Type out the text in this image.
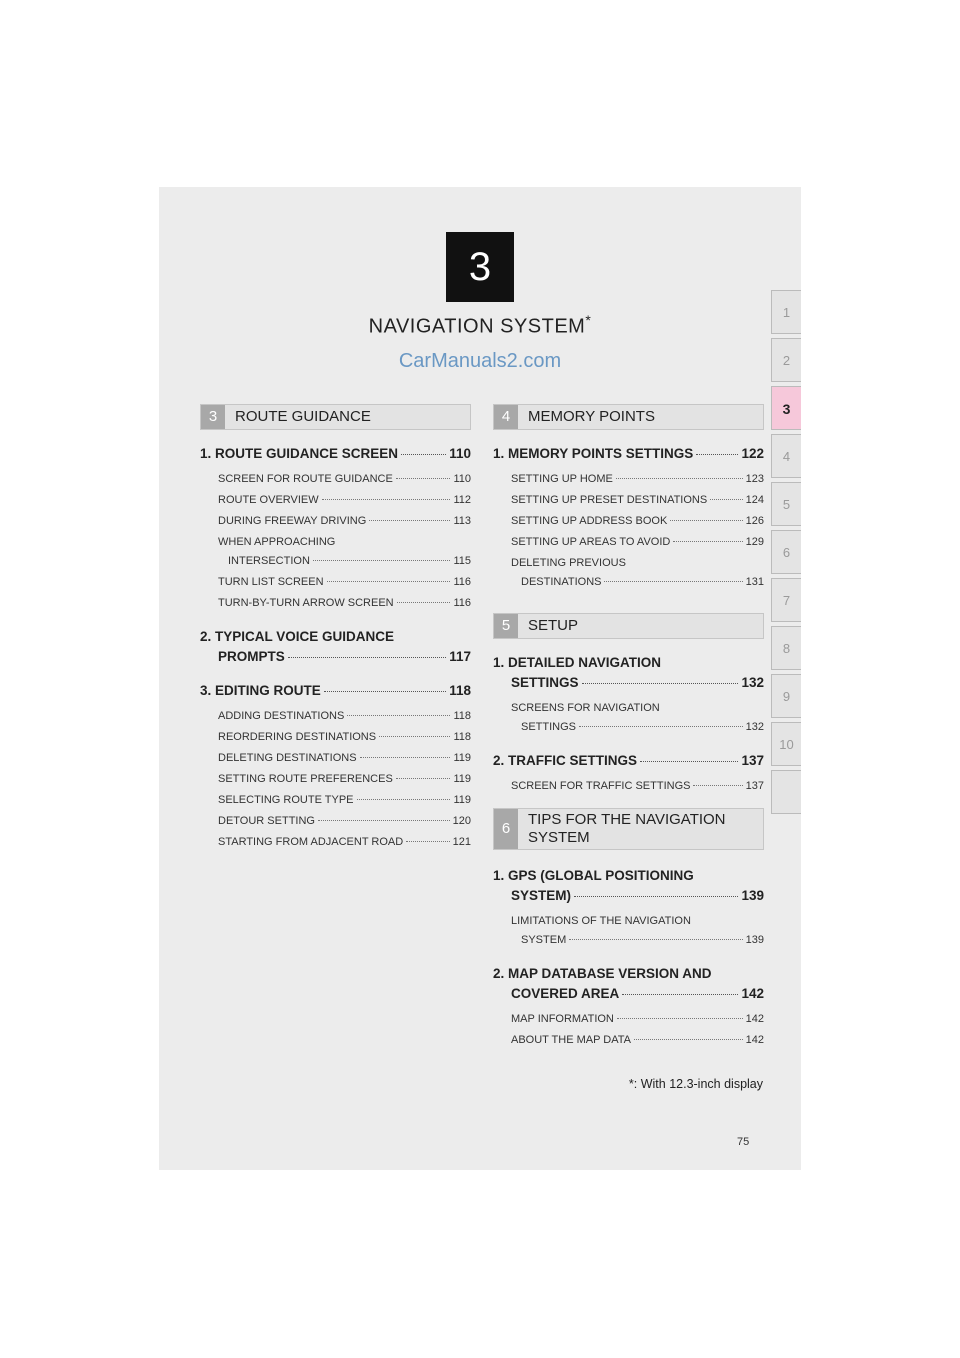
3
NAVIGATION SYSTEM*
CarManuals2.com
1
2
3
4
5
6
7
8
9
10
3	ROUTE GUIDANCE
1. ROUTE GUIDANCE SCREEN	110
SCREEN FOR ROUTE GUIDANCE	110
ROUTE OVERVIEW	112
DURING FREEWAY DRIVING	113
WHEN APPROACHING
INTERSECTION	115
TURN LIST SCREEN	116
TURN-BY-TURN ARROW SCREEN	116
2. TYPICAL VOICE GUIDANCE
PROMPTS	117
3. EDITING ROUTE	118
ADDING DESTINATIONS	118
REORDERING DESTINATIONS	118
DELETING DESTINATIONS	119
SETTING ROUTE PREFERENCES	119
SELECTING ROUTE TYPE	119
DETOUR SETTING	120
STARTING FROM ADJACENT ROAD	121
4	MEMORY POINTS
1. MEMORY POINTS SETTINGS	122
SETTING UP HOME	123
SETTING UP PRESET DESTINATIONS	124
SETTING UP ADDRESS BOOK	126
SETTING UP AREAS TO AVOID	129
DELETING PREVIOUS
DESTINATIONS	131
5	SETUP
1. DETAILED NAVIGATION
SETTINGS	132
SCREENS FOR NAVIGATION
SETTINGS	132
2. TRAFFIC SETTINGS	137
SCREEN FOR TRAFFIC SETTINGS	137
6
TIPS FOR THE NAVIGATION
SYSTEM
1. GPS (GLOBAL POSITIONING
SYSTEM)	139
LIMITATIONS OF THE NAVIGATION
SYSTEM	139
2. MAP DATABASE VERSION AND
COVERED AREA	142
MAP INFORMATION	142
ABOUT THE MAP DATA	142
*: With 12.3-inch display
75
